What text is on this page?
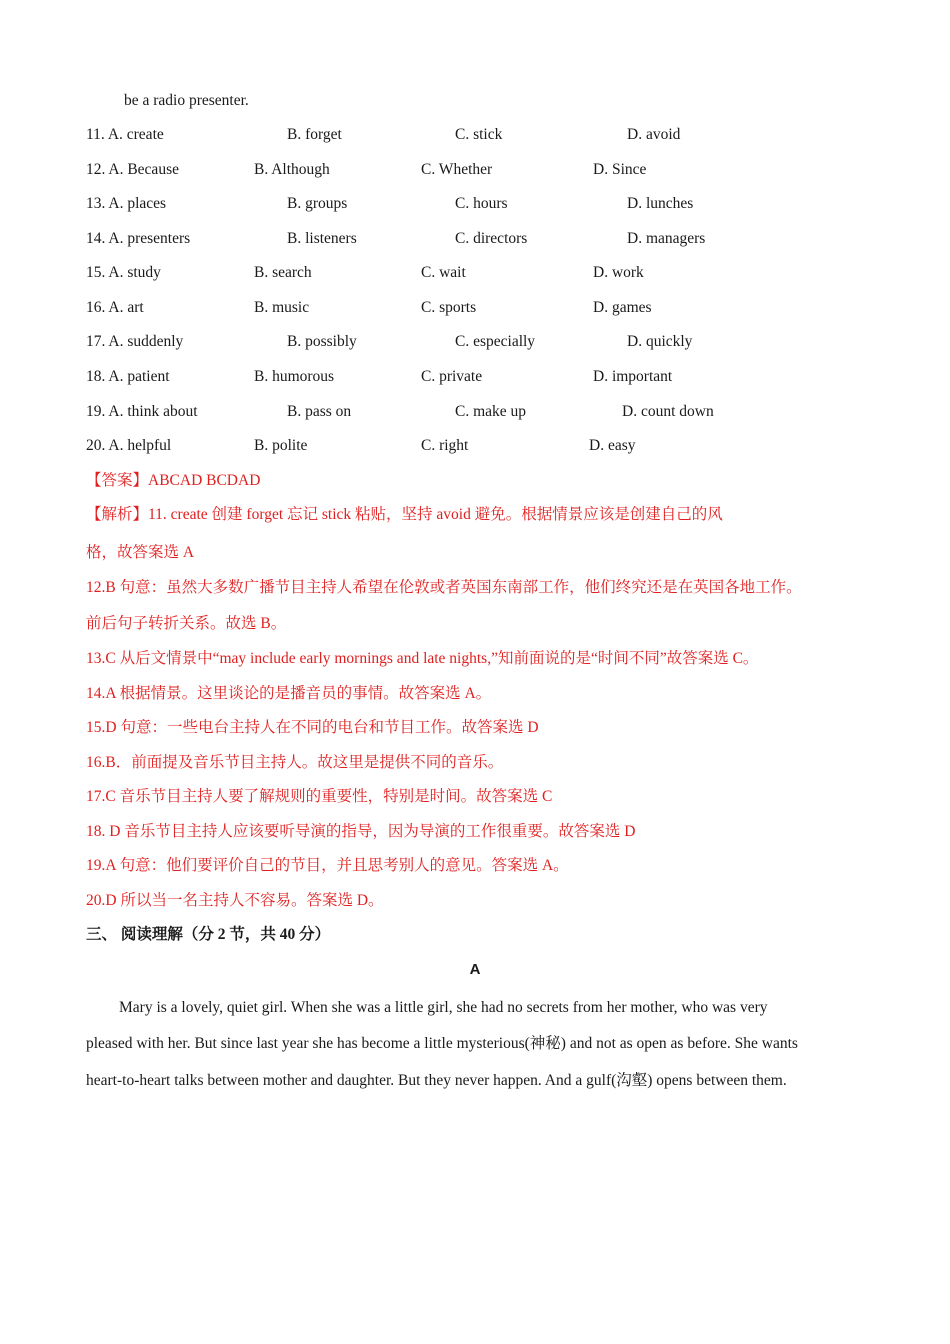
be a radio presenter.
11. A. create	B. forget	C. stick	D. avoid
12. A. Because	B. Although	C. Whether	D. Since
13. A. places	B. groups	C. hours	D. lunches
14. A. presenters	B. listeners	C. directors	D. managers
15. A. study	B. search	C. wait	D. work
16. A. art	B. music	C. sports	D. games
17. A. suddenly	B. possibly	C. especially	D. quickly
18. A. patient	B. humorous	C. private	D. important
19. A. think about	B. pass on	C. make up	D. count down
20. A. helpful	B. polite	C. right	D. easy
【答案】ABCAD BCDAD
【解析】11. create 创建 forget 忘记 stick 粘贴，坚持 avoid 避免。根据情景应该是创建自己的风
格，故答案选 A
12.B 句意：虽然大多数广播节目主持人希望在伦敦或者英国东南部工作，他们终究还是在英国各地工作。
前后句子转折关系。故选 B。
13.C 从后文情景中“may include early mornings and late nights,”知前面说的是“时间不同”故答案选 C。
14.A 根据情景。这里谈论的是播音员的事情。故答案选 A。
15.D 句意：一些电台主持人在不同的电台和节目工作。故答案选 D
16.B．前面提及音乐节目主持人。故这里是提供不同的音乐。
17.C 音乐节目主持人要了解规则的重要性，特别是时间。故答案选 C
18. D 音乐节目主持人应该要听导演的指导，因为导演的工作很重要。故答案选 D
19.A 句意：他们要评价自己的节目，并且思考别人的意见。答案选 A。
20.D 所以当一名主持人不容易。答案选 D。
三、 阅读理解（分 2 节，共 40 分）
A
Mary is a lovely, quiet girl. When she was a little girl, she had no secrets from her mother, who was very
pleased with her. But since last year she has become a little mysterious(神秘) and not as open as before. She wants
heart-to-heart talks between mother and daughter. But they never happen. And a gulf(沟壑) opens between them.
